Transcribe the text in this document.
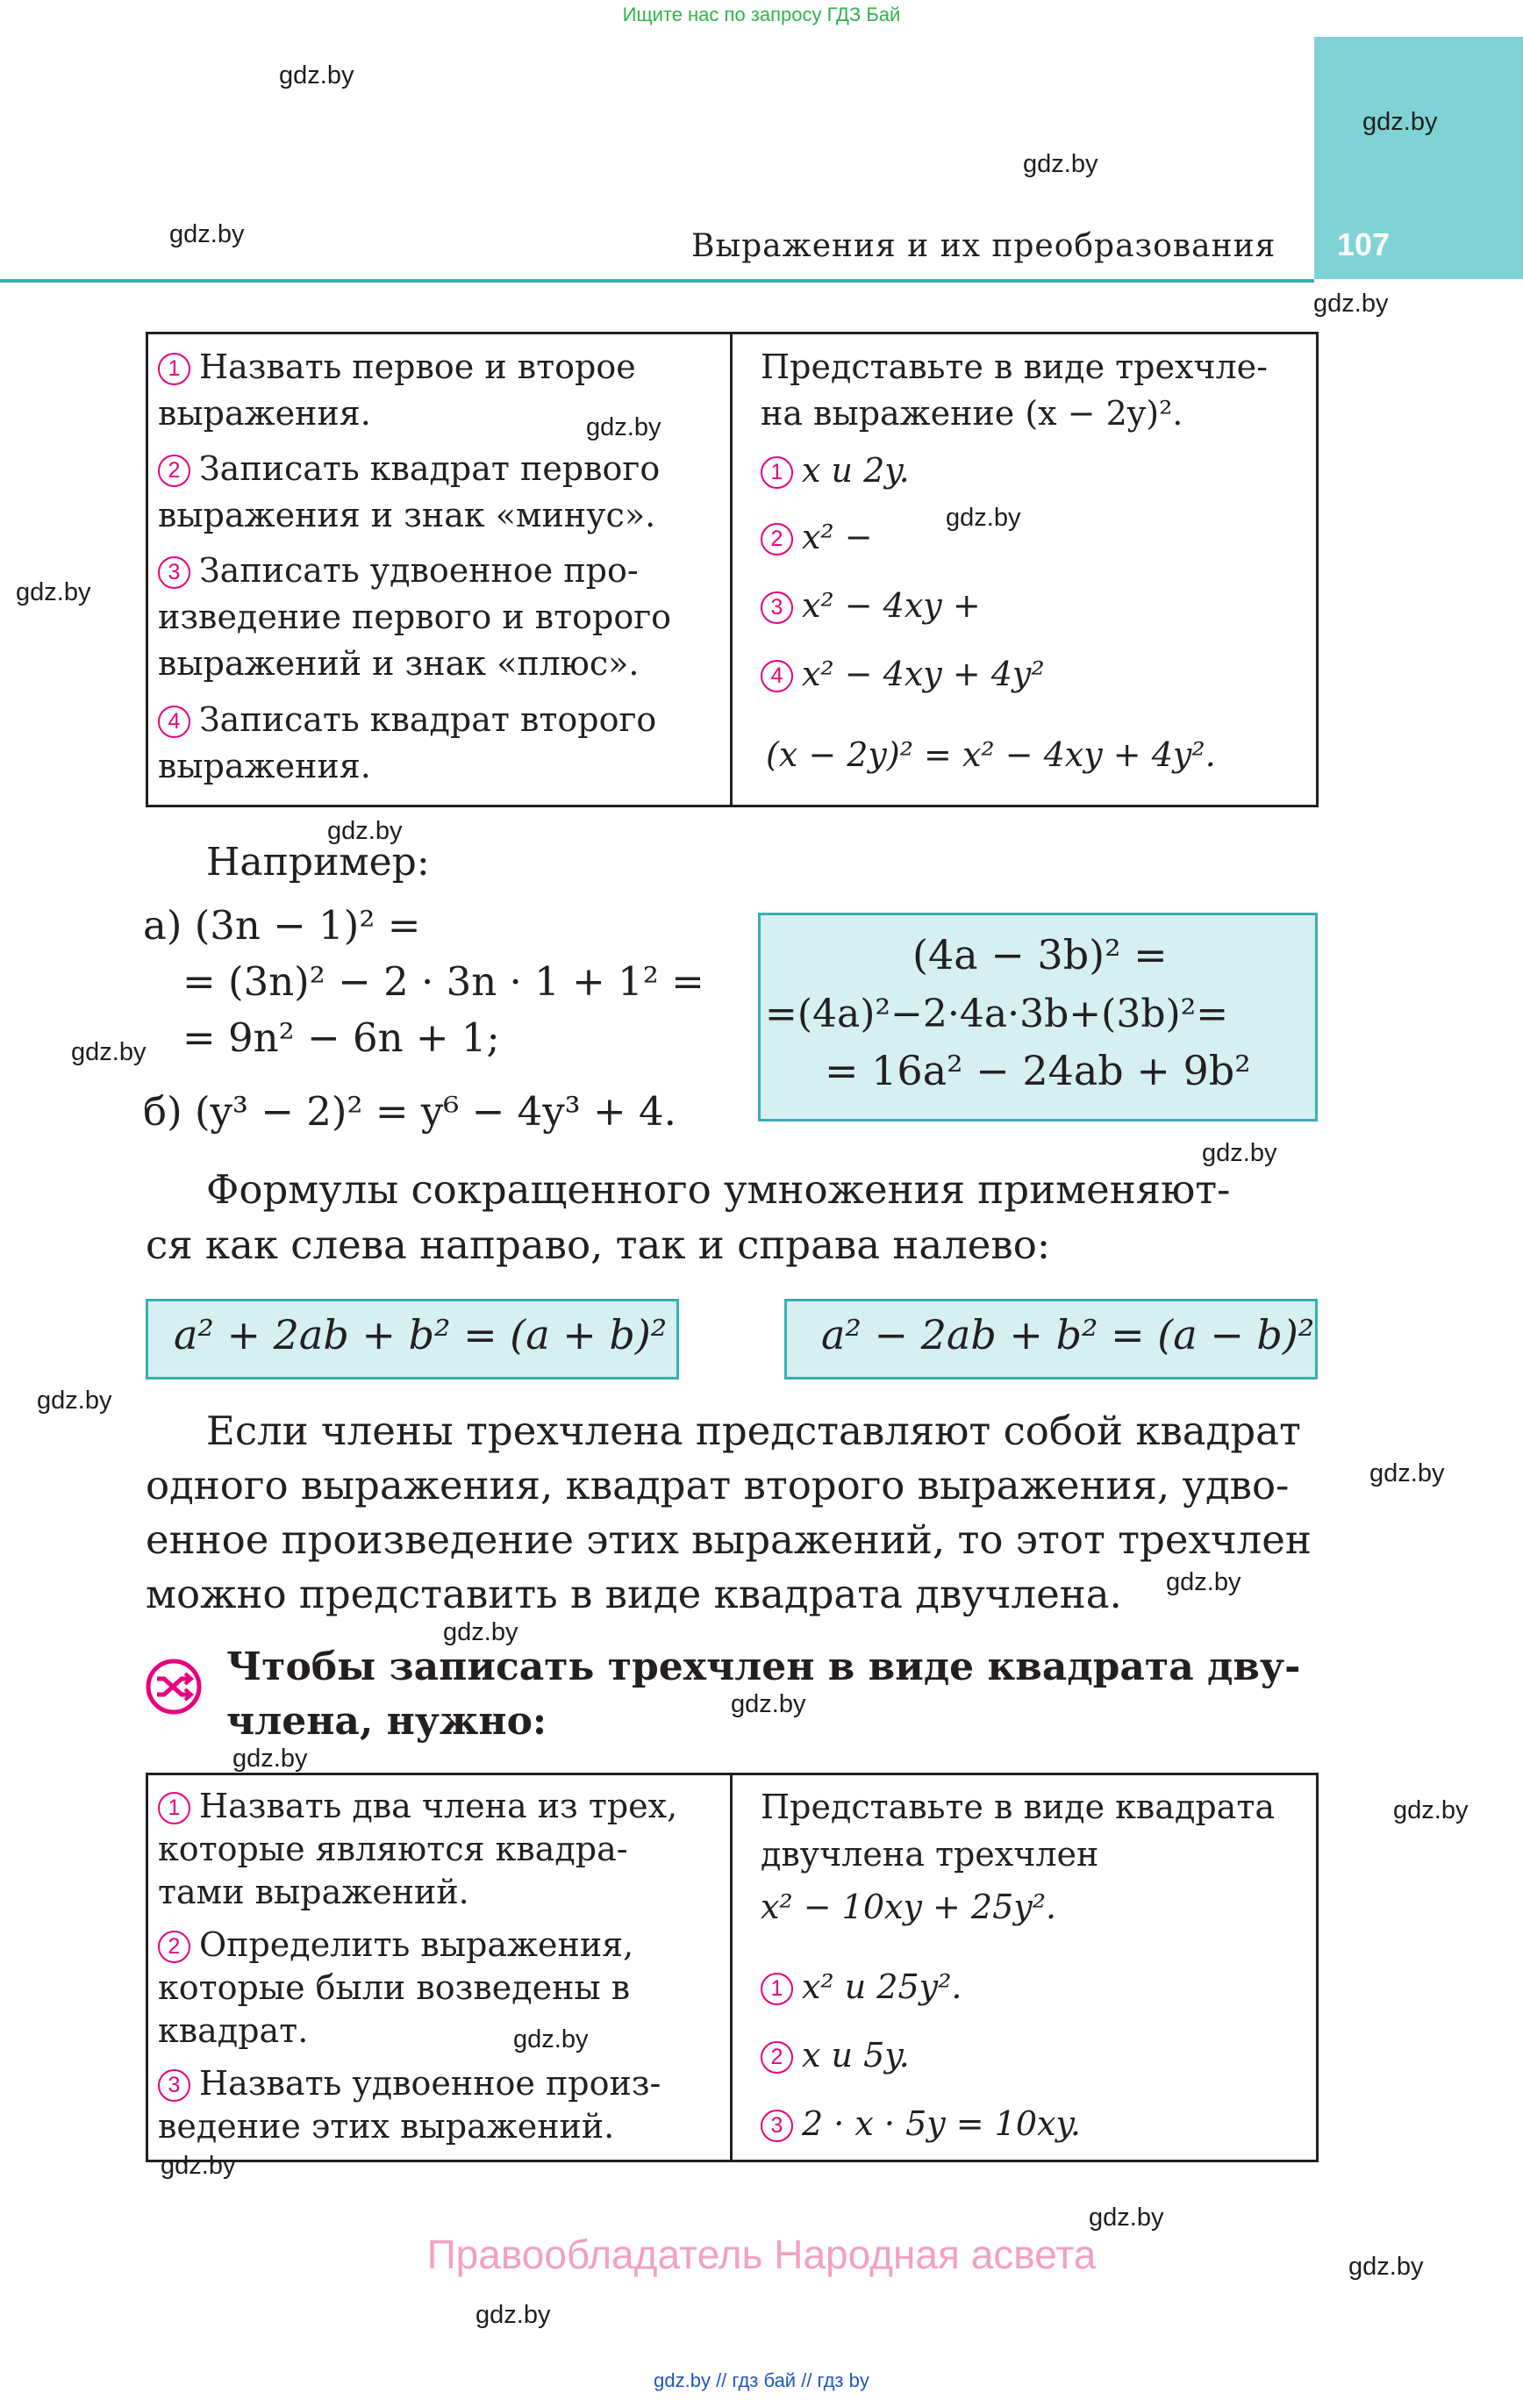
Ищите нас по запросу ГДЗ Бай
107
Выражения и их преобразования
gdz.by
gdz.by
gdz.by
gdz.by
gdz.by
gdz.by
gdz.by
gdz.by
gdz.by
gdz.by
gdz.by
gdz.by
gdz.by
gdz.by
gdz.by
gdz.by
gdz.by
gdz.by
gdz.by
gdz.by
gdz.by
gdz.by
gdz.by
1 Назвать первое и второе
выражения.
2 Записать квадрат первого
выражения и знак «минус».
3 Записать удвоенное про-
изведение первого и второго
выражений и знак «плюс».
4 Записать квадрат второго
выражения.
Представьте в виде трехчле-
на выражение (x − 2y)².
1 x и 2y.
2 x² −
3 x² − 4xy +
4 x² − 4xy + 4y²
(x − 2y)² = x² − 4xy + 4y².
Например:
а) (3n − 1)² =
= (3n)² − 2 · 3n · 1 + 1² =
= 9n² − 6n + 1;
б) (y³ − 2)² = y⁶ − 4y³ + 4.
(4a − 3b)² =
=(4a)²−2·4a·3b+(3b)²=
= 16a² − 24ab + 9b²
Формулы сокращенного умножения применяют-
ся как слева направо, так и справа налево:
a² + 2ab + b² = (a + b)²	a² − 2ab + b² = (a − b)²
Если члены трехчлена представляют собой квадрат
одного выражения, квадрат второго выражения, удво-
енное произведение этих выражений, то этот трехчлен
можно представить в виде квадрата двучлена.
Чтобы записать трехчлен в виде квадрата дву-
члена, нужно:
1 Назвать два члена из трех,
которые являются квадра-
тами выражений.
2 Определить выражения,
которые были возведены в
квадрат.
3 Назвать удвоенное произ-
ведение этих выражений.
Представьте в виде квадрата
двучлена трехчлен
x² − 10xy + 25y².
1 x² и 25y².
2 x и 5y.
3 2 · x · 5y = 10xy.
Правообладатель Народная асвета
gdz.by // гдз бай // гдз by
